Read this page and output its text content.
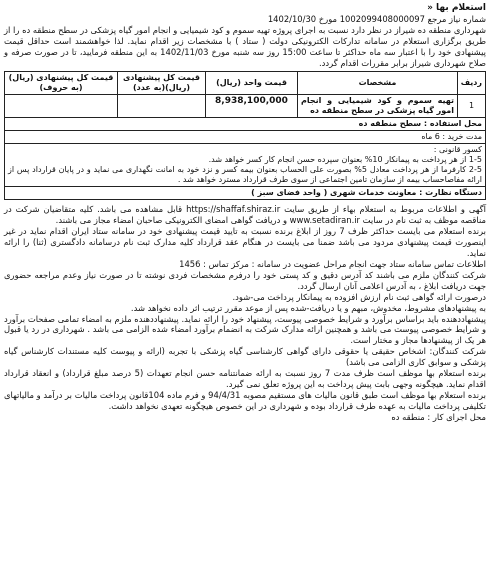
استعلام بها «

شماره نیاز مرجع 1002099408000097 مورخ 1402/10/30

شهرداری منطقه ده شیراز در نظر دارد نسبت به اجرای پروژه تهیه سموم و کود شیمیایی و انجام امور گیاه پزشکی در سطح منطقه ده را از طریق برگزاری استعلام در سامانه تدارکات الکترونیکی دولت ( ستاد ) با مشخصات زیر اقدام نماید. لذا خواهشمند است حداقل قیمت پیشنهادی خود را با اعتبار سه ماه حداکثر تا ساعت 15:00 روز سه شنبه مورخ 1402/11/03 به این منطقه فرمایید، تا در صورت صرفه و صلاح شهرداری شیراز برابر مقررات اقدام گردد.

ردیف	مشخصات	قیمت واحد (ریال)	قیمت کل پیشنهادی (ریال)(به عدد)	قیمت کل پیشنهادی (ریال)(به حروف)
1	تهیه سموم و کود شیمیایی و انجام امور گیاه پزشکی در سطح منطقه ده	8,938,100,000		
محل استفاده : سطح منطقه ده				
مدت خرید : 6 ماه				

کسور قانونی :
1-5 از هر پرداخت به پیمانکار 10% بعنوان سپرده حسن انجام کار کسر خواهد شد.
2-5 کارفرما از هر پرداخت معادل 5% بصورت علی الحساب بعنوان بیمه کسر و نزد خود به امانت نگهداری می نماید و در پایان قرارداد پس از ارائه مفاصاحساب بیمه از سازمان تامین اجتماعی از سوی طرف قرارداد مسترد خواهد شد .				

دستگاه نظارت : معاونت خدمات شهری ( واحد فضای سبز )				

آگهی و اطلاعات مربوط به استعلام بهاء از طریق سایت https://shaffaf.shiraz.ir قابل مشاهده می باشد. کلیه متقاضیان شرکت در مناقصه موظف به ثبت نام در سایت www.setadiran.ir و دریافت گواهی امضای الکترونیکی صاحبان امضاء مجاز می باشند.

برنده استعلام می بایست حداکثر ظرف 7 روز از ابلاغ برنده نسبت به تایید قیمت پیشنهادی خود در سامانه ستاد ایران اقدام نماید در غیر اینصورت قیمت پیشنهادی مردود می باشد ضمنا می بایست در هنگام عقد قرارداد کلیه مدارک ثبت نام درسامانه دادگستری (ثنا) را ارائه نماید.

اطلاعات تماس سامانه ستاد جهت انجام مراحل عضویت در سامانه : مرکز تماس : 1456

شرکت کنندگان ملزم می باشند کد آدرس دقیق و کد پستی خود را درفرم مشخصات فردی نوشته تا در صورت نیاز وعدم مراجعه حضوری جهت دریافت ابلاغ ، به آدرس اعلامی آنان ارسال گردد.

درصورت ارائه گواهی ثبت نام ارزش افزوده به پیمانکار پرداخت می-شود.

به پیشنهادهای مشروط، مخدوش، مبهم و یا دریافت-شده پس از موعد مقرر ترتیب اثر داده نخواهد شد.

پیشنهاددهنده باید براساس برآورد و شرایط خصوصی پیوست، پیشنهاد خود را ارائه نماید. پیشنهاددهنده ملزم به امضاء تمامی صفحات برآورد و شرایط خصوصی پیوست می باشد و همچنین ارائه مدارک شرکت به انضمام برآورد امضاء شده الزامی می باشد . شهرداری در رد یا قبول هر یک از پیشنهادها مجاز و مختار است.

شرکت کنندگان: اشخاص حقیقی یا حقوقی دارای گواهی کارشناسی گیاه پزشکی با تجربه (ارائه و پیوست کلیه مستندات کارشناس گیاه پزشکی و سوابق کاری الزامی می باشد)

برنده استعلام بها موظف است ظرف مدت 7 روز نسبت به ارائه ضمانتنامه حسن انجام تعهدات (5 درصد مبلغ قرارداد) و انعقاد قرارداد اقدام نماید. هیچگونه وجهی بابت پیش پرداخت به این پروژه تعلق نمی گیرد.

برنده استعلام بها موظف است طبق قانون مالیات های مستقیم مصوبه 94/4/31 و فرم ماده 104قانون پرداخت مالیات بر درآمد و مالیاتهای تکلیفی پرداخت مالیات به عهده طرف قرارداد بوده و شهرداری در این خصوص هیچگونه تعهدی نخواهد داشت.

محل اجرای کار : منطقه ده
